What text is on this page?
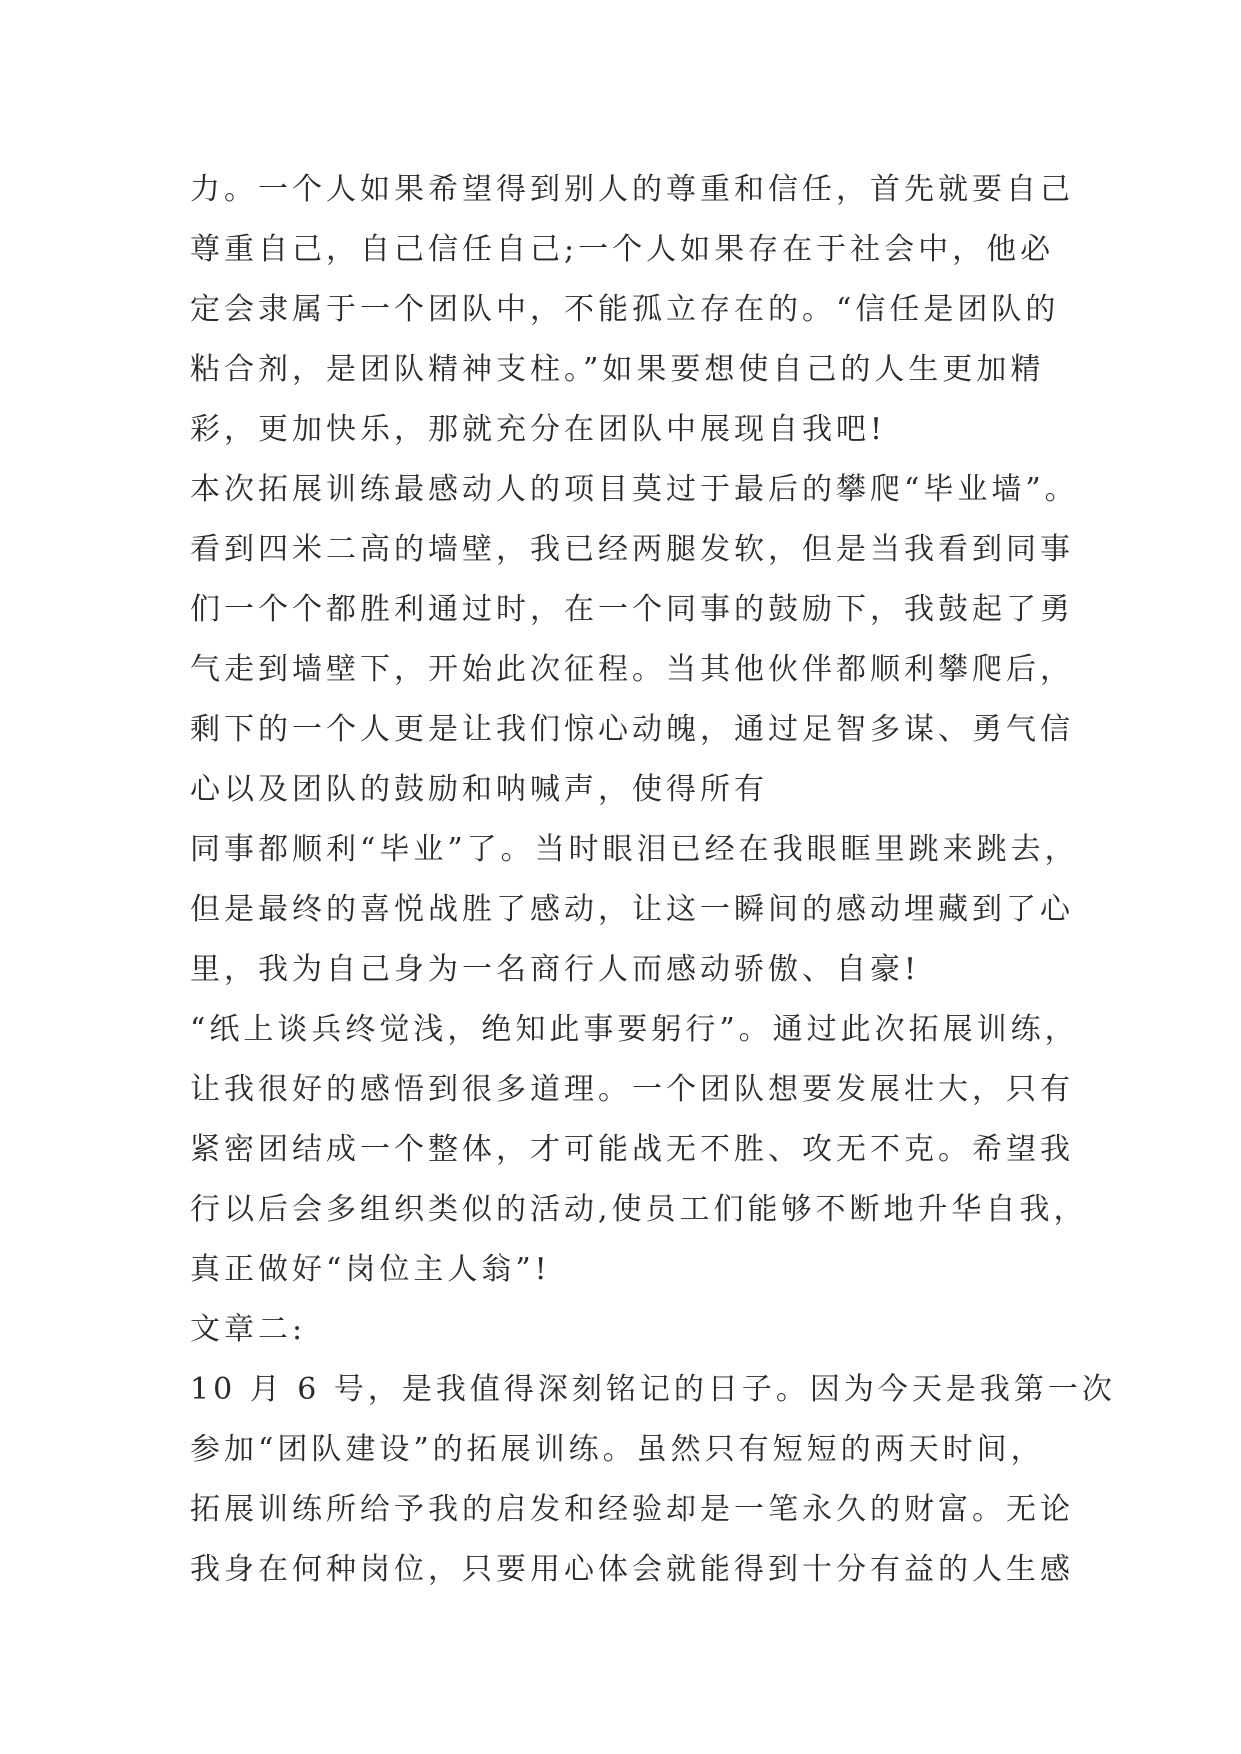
力。一个人如果希望得到别人的尊重和信任，首先就要自己

尊重自己，自己信任自己;一个人如果存在于社会中，他必

定会隶属于一个团队中，不能孤立存在的。“信任是团队的

粘合剂，是团队精神支柱。”如果要想使自己的人生更加精

彩，更加快乐，那就充分在团队中展现自我吧!

本次拓展训练最感动人的项目莫过于最后的攀爬“毕业墙”。

看到四米二高的墙壁，我已经两腿发软，但是当我看到同事

们一个个都胜利通过时，在一个同事的鼓励下，我鼓起了勇

气走到墙壁下，开始此次征程。当其他伙伴都顺利攀爬后，

剩下的一个人更是让我们惊心动魄，通过足智多谋、勇气信

心以及团队的鼓励和呐喊声，使得所有

同事都顺利“毕业”了。当时眼泪已经在我眼眶里跳来跳去，

但是最终的喜悦战胜了感动，让这一瞬间的感动埋藏到了心

里，我为自己身为一名商行人而感动骄傲、自豪!

“纸上谈兵终觉浅，绝知此事要躬行”。通过此次拓展训练，

让我很好的感悟到很多道理。一个团队想要发展壮大，只有

紧密团结成一个整体，才可能战无不胜、攻无不克。希望我

行以后会多组织类似的活动,使员工们能够不断地升华自我，

真正做好“岗位主人翁”!

文章二:

10 月 6 号，是我值得深刻铭记的日子。因为今天是我第一次

参加“团队建设”的拓展训练。虽然只有短短的两天时间，

拓展训练所给予我的启发和经验却是一笔永久的财富。无论

我身在何种岗位，只要用心体会就能得到十分有益的人生感
